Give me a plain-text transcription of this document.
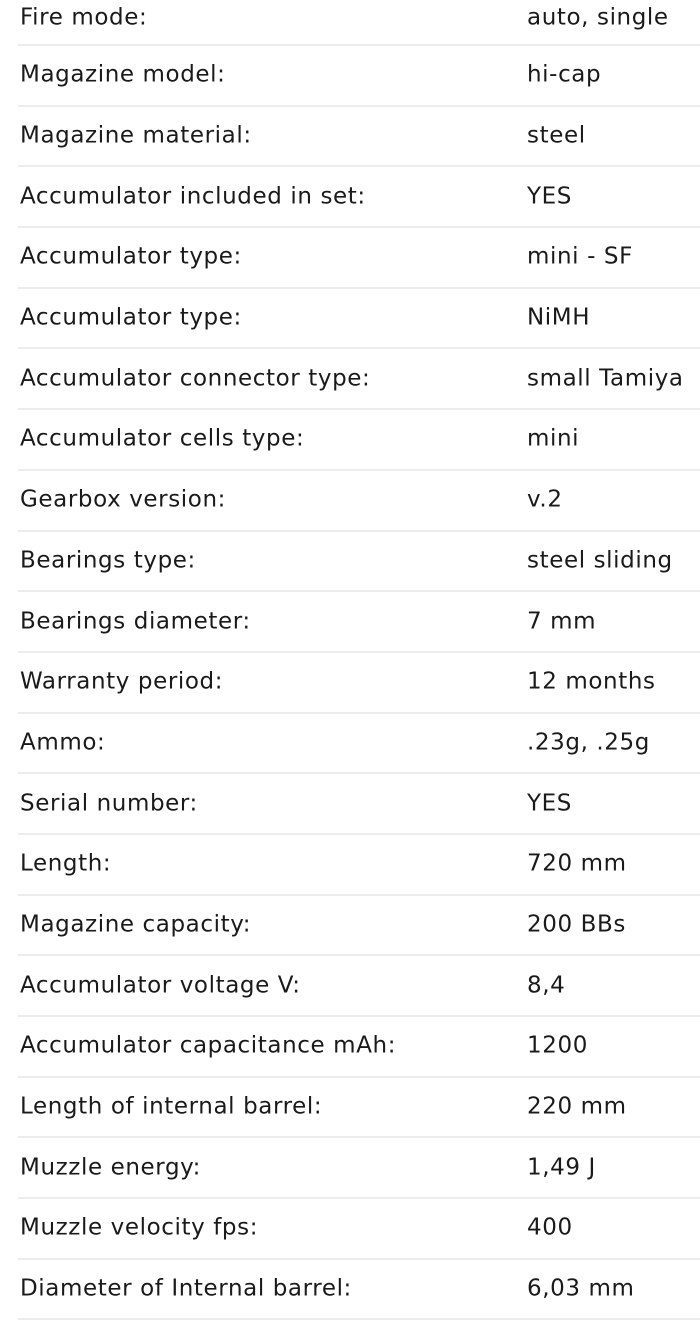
Fire mode:	auto, single
Magazine model:	hi-cap
Magazine material:	steel
Accumulator included in set:	YES
Accumulator type:	mini - SF
Accumulator type:	NiMH
Accumulator connector type:	small Tamiya
Accumulator cells type:	mini
Gearbox version:	v.2
Bearings type:	steel sliding
Bearings diameter:	7 mm
Warranty period:	12 months
Ammo:	.23g, .25g
Serial number:	YES
Length:	720 mm
Magazine capacity:	200 BBs
Accumulator voltage V:	8,4
Accumulator capacitance mAh:	1200
Length of internal barrel:	220 mm
Muzzle energy:	1,49 J
Muzzle velocity fps:	400
Diameter of Internal barrel:	6,03 mm
